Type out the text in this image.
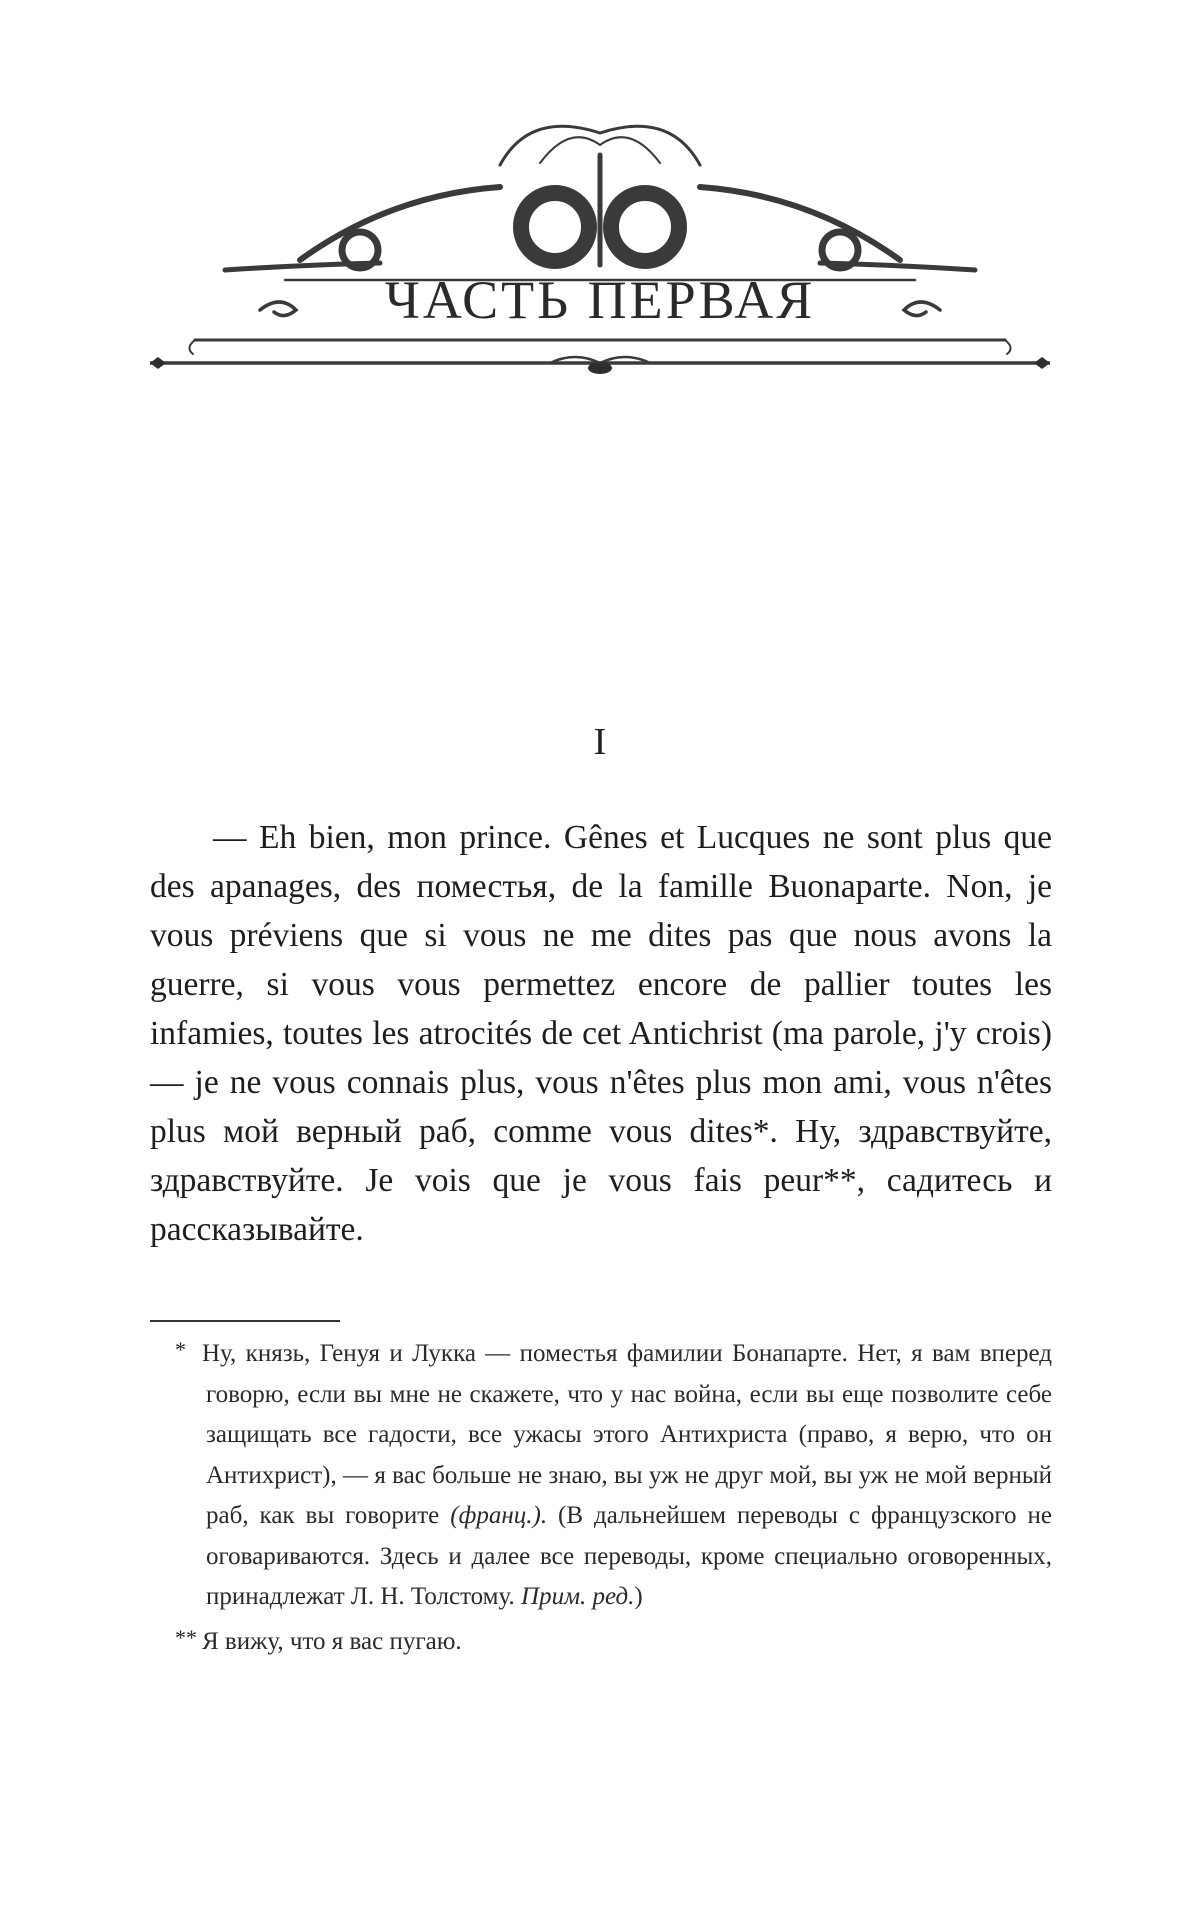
ЧАСТЬ ПЕРВАЯ
I

— Eh bien, mon prince. Gênes et Lucques ne sont plus que des apanages, des поместья, de la famille Buonaparte. Non, je vous préviens que si vous ne me dites pas que nous avons la guerre, si vous vous permettez encore de pallier toutes les infamies, toutes les atrocités de cet Antichrist (ma parole, j'y crois) — je ne vous connais plus, vous n'êtes plus mon ami, vous n'êtes plus мой верный раб, comme vous dites*. Ну, здравствуйте, здравствуйте. Je vois que je vous fais peur**, садитесь и рассказывайте.

* Ну, князь, Генуя и Лукка — поместья фамилии Бонапарте. Нет, я вам вперед говорю, если вы мне не скажете, что у нас война, если вы еще позволите себе защищать все гадости, все ужасы этого Антихриста (право, я верю, что он Антихрист), — я вас больше не знаю, вы уж не друг мой, вы уж не мой верный раб, как вы говорите (франц.). (В дальнейшем переводы с французского не оговариваются. Здесь и далее все переводы, кроме специально оговоренных, принадлежат Л. Н. Толстому. Прим. ред.)

** Я вижу, что я вас пугаю.
